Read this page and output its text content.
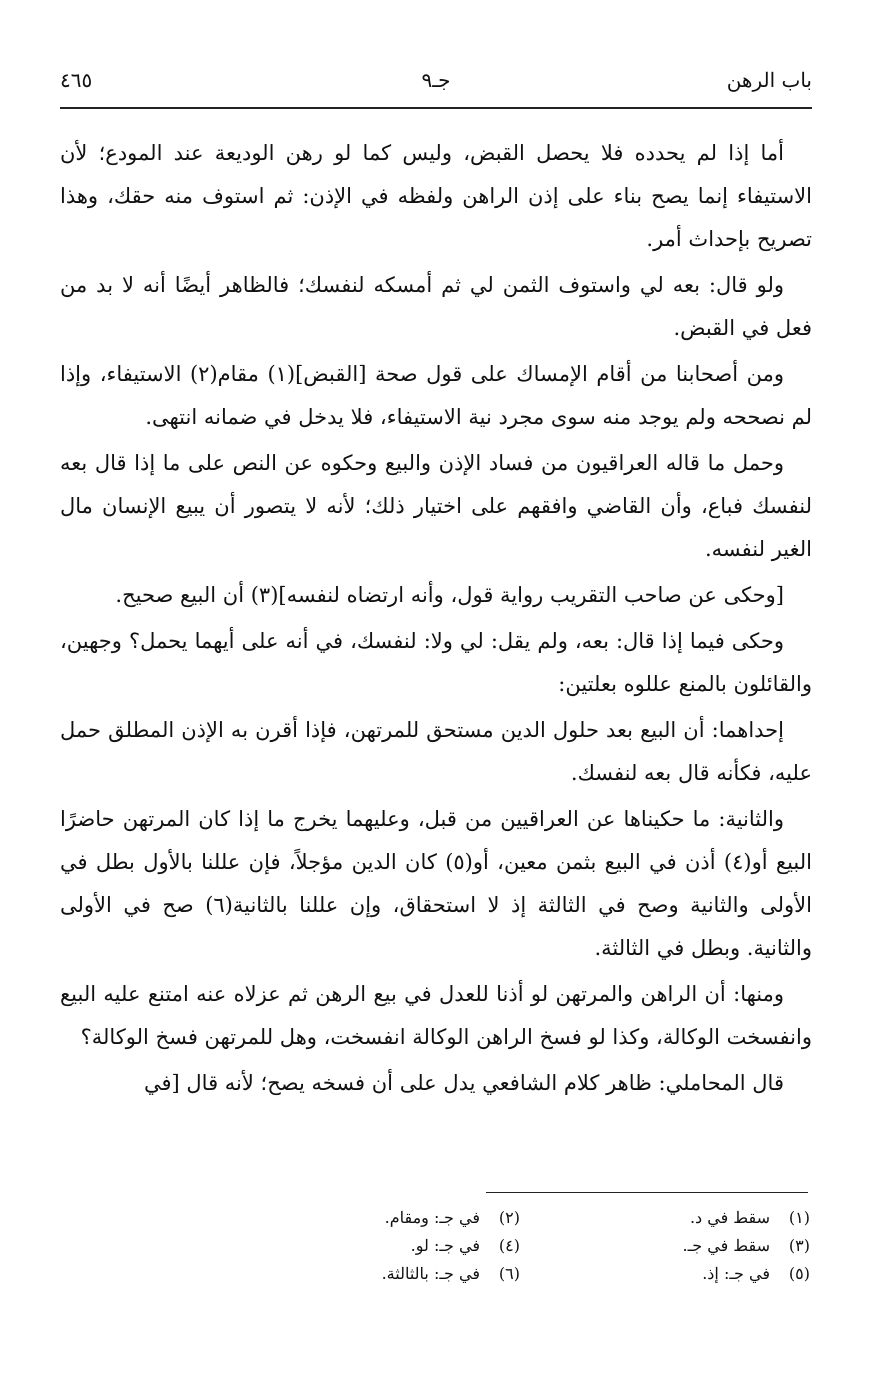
باب الرهن
جـ٩
٤٦٥

أما إذا لم يحدده فلا يحصل القبض، وليس كما لو رهن الوديعة عند المودع؛ لأن الاستيفاء إنما يصح بناء على إذن الراهن ولفظه في الإذن: ثم استوف منه حقك، وهذا تصريح بإحداث أمر.

ولو قال: بعه لي واستوف الثمن لي ثم أمسكه لنفسك؛ فالظاهر أيضًا أنه لا بد من فعل في القبض.

ومن أصحابنا من أقام الإمساك على قول صحة [القبض](١) مقام(٢) الاستيفاء، وإذا لم نصححه ولم يوجد منه سوى مجرد نية الاستيفاء، فلا يدخل في ضمانه انتهى.

وحمل ما قاله العراقيون من فساد الإذن والبيع وحكوه عن النص على ما إذا قال بعه لنفسك فباع، وأن القاضي وافقهم على اختيار ذلك؛ لأنه لا يتصور أن يبيع الإنسان مال الغير لنفسه.

[وحكى عن صاحب التقريب رواية قول، وأنه ارتضاه لنفسه](٣) أن البيع صحيح.

وحكى فيما إذا قال: بعه، ولم يقل: لي ولا: لنفسك، في أنه على أيهما يحمل؟ وجهين، والقائلون بالمنع عللوه بعلتين:

إحداهما: أن البيع بعد حلول الدين مستحق للمرتهن، فإذا أقرن به الإذن المطلق حمل عليه، فكأنه قال بعه لنفسك.

والثانية: ما حكيناها عن العراقيين من قبل، وعليهما يخرج ما إذا كان المرتهن حاضرًا البيع أو(٤) أذن في البيع بثمن معين، أو(٥) كان الدين مؤجلاً، فإن عللنا بالأول بطل في الأولى والثانية وصح في الثالثة إذ لا استحقاق، وإن عللنا بالثانية(٦) صح في الأولى والثانية. وبطل في الثالثة.

ومنها: أن الراهن والمرتهن لو أذنا للعدل في بيع الرهن ثم عزلاه عنه امتنع عليه البيع وانفسخت الوكالة، وكذا لو فسخ الراهن الوكالة انفسخت، وهل للمرتهن فسخ الوكالة؟

قال المحاملي: ظاهر كلام الشافعي يدل على أن فسخه يصح؛ لأنه قال [في

(١)سقط في د.
(٢)في جـ: ومقام.
(٣)سقط في جـ.
(٤)في جـ: لو.
(٥)في جـ: إذ.
(٦)في جـ: بالثالثة.
